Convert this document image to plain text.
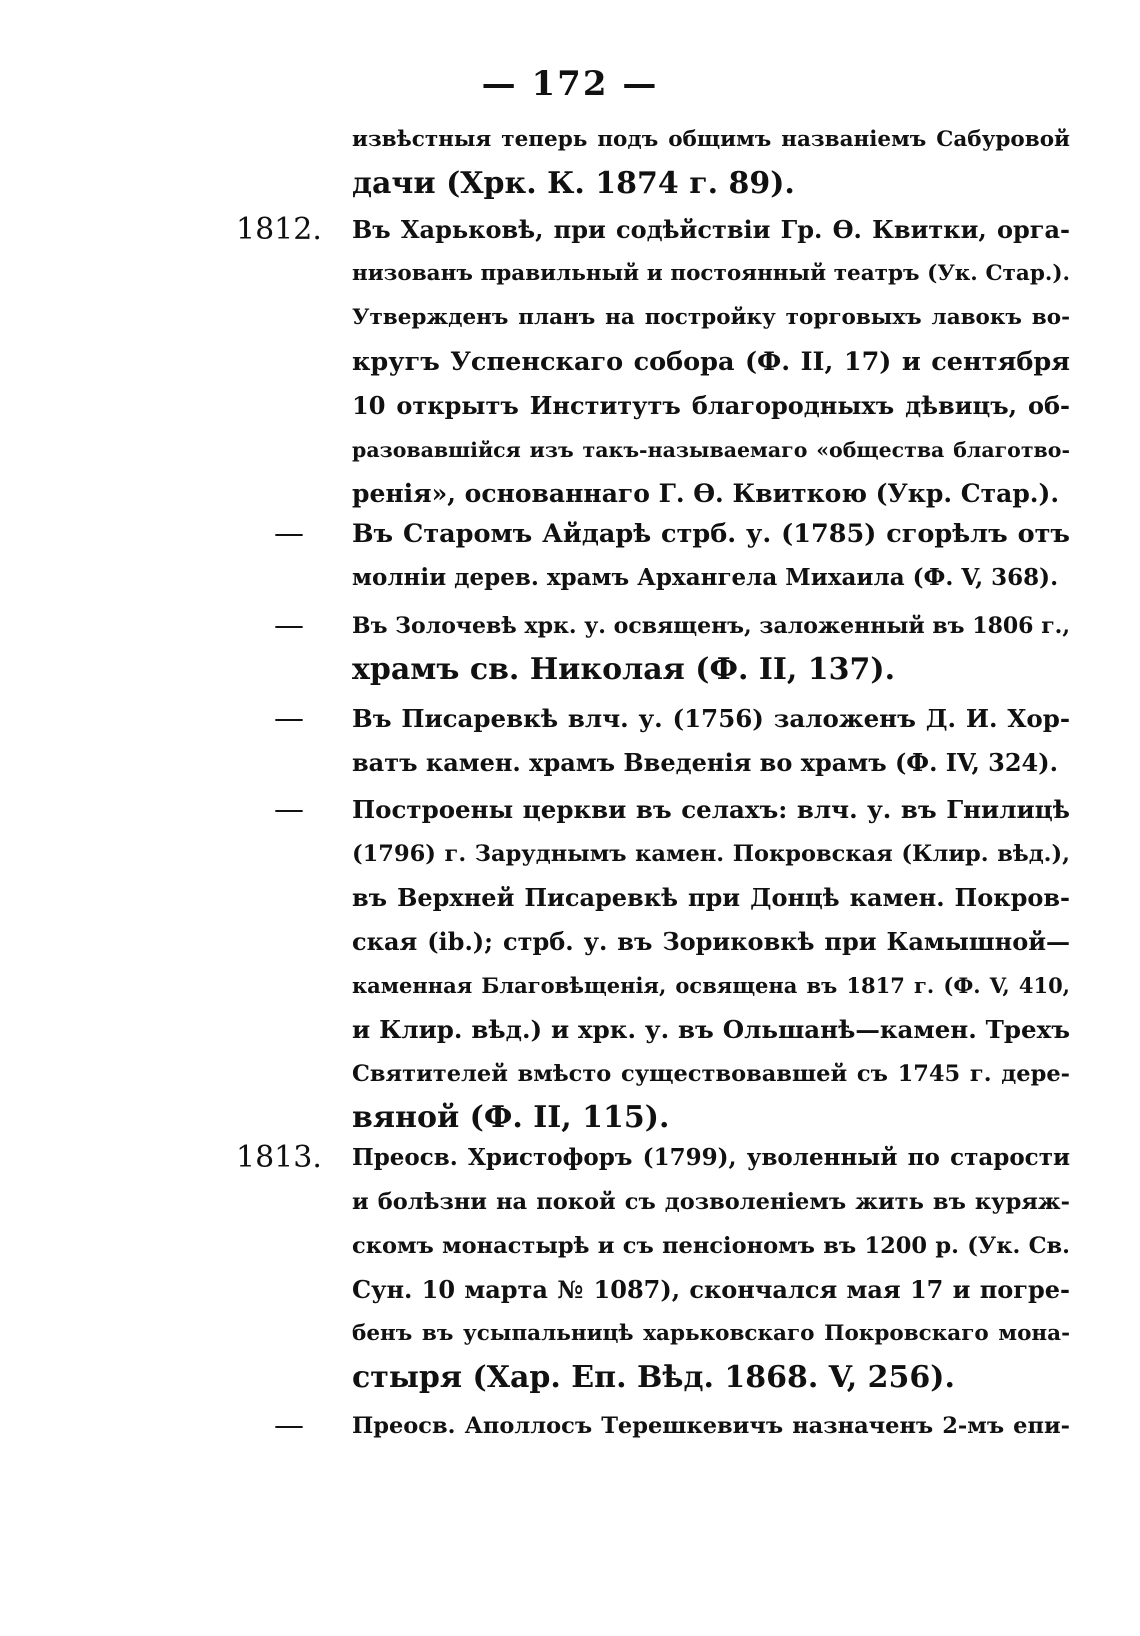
— 172 —
извѣстныя теперь подъ общимъ названіемъ Сабуровой
дачи (Хрк. К. 1874 г. 89).
1812.	Въ Харьковѣ, при содѣйствіи Гр. Ѳ. Квитки, орга-
низованъ правильный и постоянный театръ (Ук. Стар.).
Утвержденъ планъ на постройку торговыхъ лавокъ во-
кругъ Успенскаго собора (Ф. II, 17) и сентября
10 открытъ Институтъ благородныхъ дѣвицъ, об-
разовавшійся изъ такъ-называемаго «общества благотво-
ренія», основаннаго Г. Ѳ. Квиткою (Укр. Стар.).
—	Въ Старомъ Айдарѣ стрб. у. (1785) сгорѣлъ отъ
молніи дерев. храмъ Архангела Михаила (Ф. V, 368).
—	Въ Золочевѣ хрк. у. освященъ, заложенный въ 1806 г.,
храмъ св. Николая (Ф. II, 137).
—	Въ Писаревкѣ влч. у. (1756) заложенъ Д. И. Хор-
ватъ камен. храмъ Введенія во храмъ (Ф. IV, 324).
—	Построены церкви въ селахъ: влч. у. въ Гнилицѣ
(1796) г. Заруднымъ камен. Покровская (Клир. вѣд.),
въ Верхней Писаревкѣ при Донцѣ камен. Покров-
ская (ib.); стрб. у. въ Зориковкѣ при Камышной—
каменная Благовѣщенія, освящена въ 1817 г. (Ф. V, 410,
и Клир. вѣд.) и хрк. у. въ Ольшанѣ—камен. Трехъ
Святителей вмѣсто существовавшей съ 1745 г. дере-
вяной (Ф. II, 115).
1813.	Преосв. Христофоръ (1799), уволенный по старости
и болѣзни на покой съ дозволеніемъ жить въ куряж-
скомъ монастырѣ и съ пенсіономъ въ 1200 р. (Ук. Св.
Сун. 10 марта № 1087), скончался мая 17 и погре-
бенъ въ усыпальницѣ харьковскаго Покровскаго мона-
стыря (Хар. Еп. Вѣд. 1868. V, 256).
—	Преосв. Аполлосъ Терешкевичъ назначенъ 2-мъ епи-
